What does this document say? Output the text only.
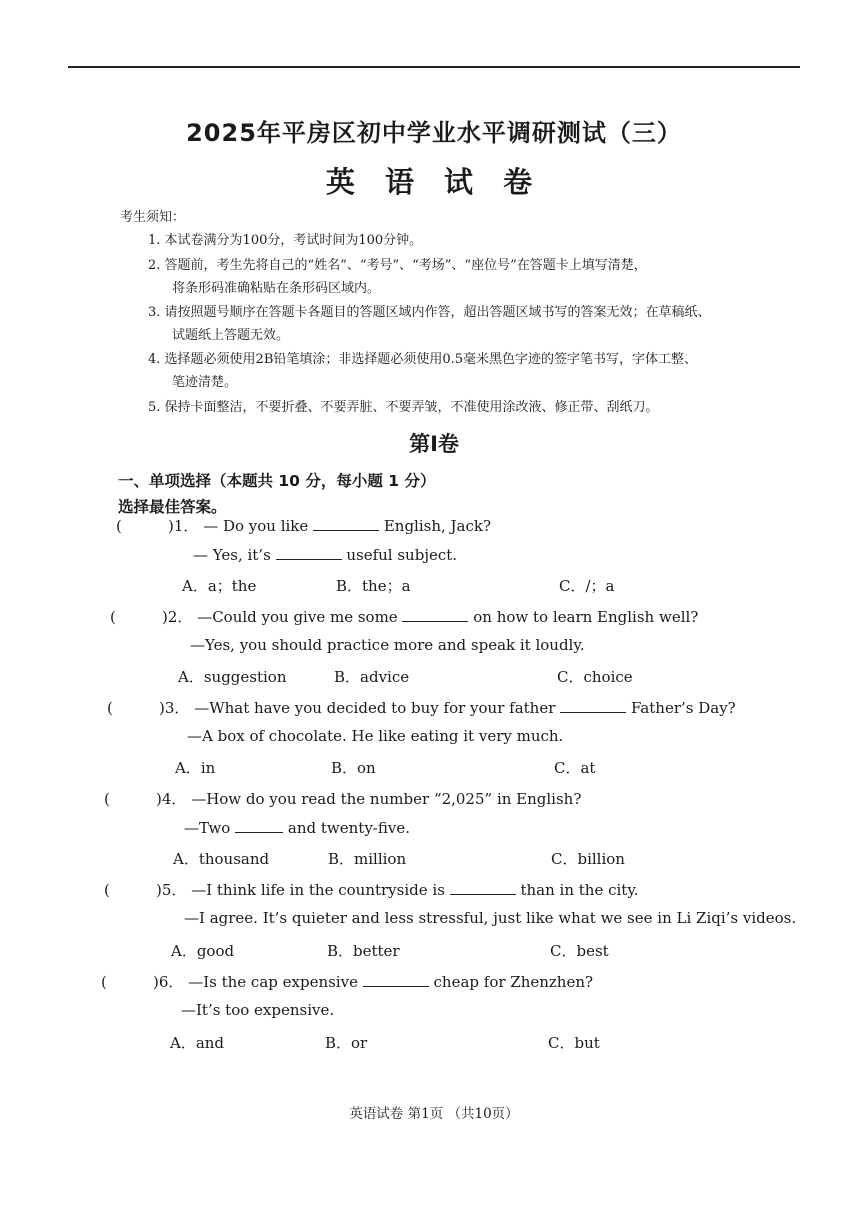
2025年平房区初中学业水平调研测试（三）
英 语 试 卷
考生须知：
1. 本试卷满分为100分，考试时间为100分钟。
2. 答题前，考生先将自己的“姓名”、“考号”、“考场”、“座位号”在答题卡上填写清楚，
将条形码准确粘贴在条形码区域内。
3. 请按照题号顺序在答题卡各题目的答题区域内作答，超出答题区域书写的答案无效；在草稿纸、
试题纸上答题无效。
4. 选择题必须使用2B铅笔填涂；非选择题必须使用0.5毫米黑色字迹的签字笔书写，字体工整、
笔迹清楚。
5. 保持卡面整洁，不要折叠、不要弄脏、不要弄皱，不准使用涂改液、修正带、刮纸刀。
第Ⅰ卷
一、单项选择（本题共 10 分，每小题 1 分）
选择最佳答案。
(	)1． — Do you like	English, Jack?
— Yes, it’s	useful subject.
A．a；the	B．the；a	C．/；a
(	)2． —Could you give me some	on how to learn English well?
—Yes, you should practice more and speak it loudly.
A．suggestion	B．advice	C．choice
(	)3． —What have you decided to buy for your father	Father’s Day?
—A box of chocolate. He like eating it very much.
A．in	B．on	C．at
(	)4． —How do you read the number “2,025” in English?
—Two	and twenty-five.
A．thousand	B．million	C．billion
(	)5． —I think life in the countryside is	than in the city.
—I agree. It’s quieter and less stressful, just like what we see in Li Ziqi’s videos.
A．good	B．better	C．best
(	)6． —Is the cap expensive	cheap for Zhenzhen?
—It’s too expensive.
A．and	B．or	C．but
英语试卷 第1页 （共10页）
